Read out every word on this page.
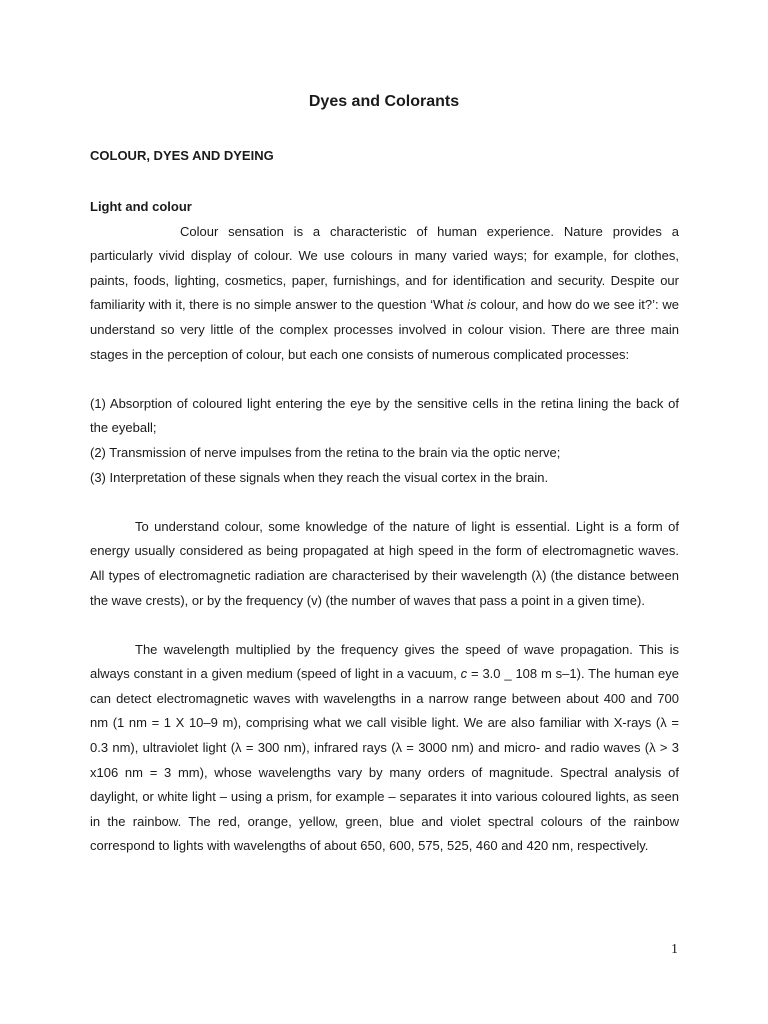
Dyes and Colorants
COLOUR, DYES AND DYEING

Light and colour

Colour sensation is a characteristic of human experience. Nature provides a particularly vivid display of colour. We use colours in many varied ways; for example, for clothes, paints, foods, lighting, cosmetics, paper, furnishings, and for identification and security. Despite our familiarity with it, there is no simple answer to the question ‘What is colour, and how do we see it?’: we understand so very little of the complex processes involved in colour vision. There are three main stages in the perception of colour, but each one consists of numerous complicated processes:

(1) Absorption of coloured light entering the eye by the sensitive cells in the retina lining the back of the eyeball;

(2) Transmission of nerve impulses from the retina to the brain via the optic nerve;

(3) Interpretation of these signals when they reach the visual cortex in the brain.

To understand colour, some knowledge of the nature of light is essential. Light is a form of energy usually considered as being propagated at high speed in the form of electromagnetic waves. All types of electromagnetic radiation are characterised by their wavelength (λ) (the distance between the wave crests), or by the frequency (v) (the number of waves that pass a point in a given time).

The wavelength multiplied by the frequency gives the speed of wave propagation. This is always constant in a given medium (speed of light in a vacuum, c = 3.0 _ 108 m s–1). The human eye can detect electromagnetic waves with wavelengths in a narrow range between about 400 and 700 nm (1 nm = 1 X 10–9 m), comprising what we call visible light. We are also familiar with X-rays (λ = 0.3 nm), ultraviolet light (λ = 300 nm), infrared rays (λ = 3000 nm) and micro- and radio waves (λ > 3 x106 nm = 3 mm), whose wavelengths vary by many orders of magnitude. Spectral analysis of daylight, or white light – using a prism, for example – separates it into various coloured lights, as seen in the rainbow. The red, orange, yellow, green, blue and violet spectral colours of the rainbow correspond to lights with wavelengths of about 650, 600, 575, 525, 460 and 420 nm, respectively.

1
